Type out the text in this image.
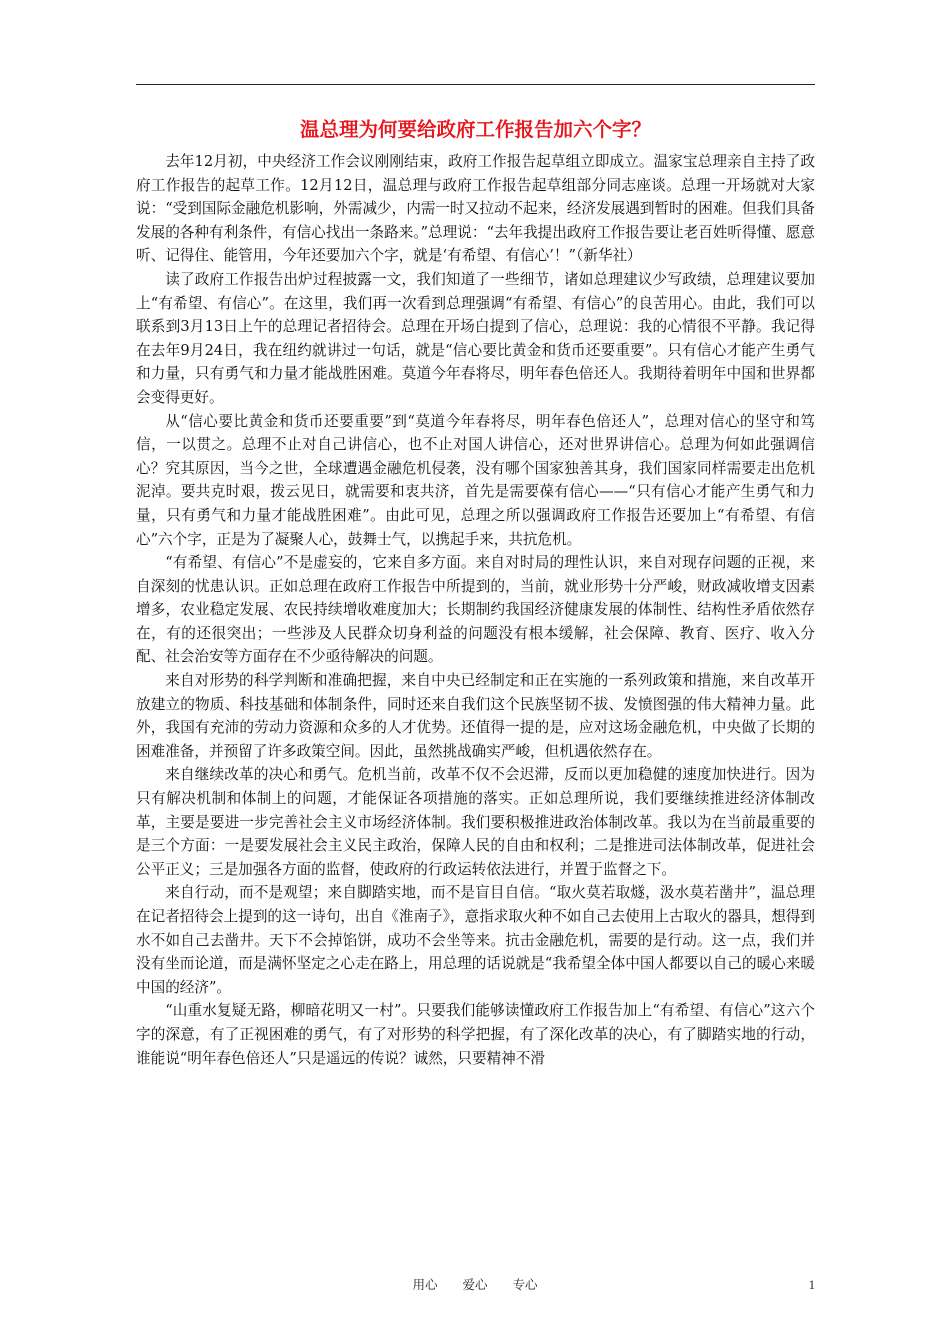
温总理为何要给政府工作报告加六个字？

去年12月初，中央经济工作会议刚刚结束，政府工作报告起草组立即成立。温家宝总理亲自主持了政府工作报告的起草工作。12月12日，温总理与政府工作报告起草组部分同志座谈。总理一开场就对大家说：“受到国际金融危机影响，外需减少，内需一时又拉动不起来，经济发展遇到暂时的困难。但我们具备发展的各种有利条件，有信心找出一条路来。”总理说：“去年我提出政府工作报告要让老百姓听得懂、愿意听、记得住、能管用，今年还要加六个字，就是‘有希望、有信心’！”（新华社）

读了政府工作报告出炉过程披露一文，我们知道了一些细节，诸如总理建议少写政绩，总理建议要加上“有希望、有信心”。在这里，我们再一次看到总理强调“有希望、有信心”的良苦用心。由此，我们可以联系到3月13日上午的总理记者招待会。总理在开场白提到了信心，总理说：我的心情很不平静。我记得在去年9月24日，我在纽约就讲过一句话，就是“信心要比黄金和货币还要重要”。只有信心才能产生勇气和力量，只有勇气和力量才能战胜困难。莫道今年春将尽，明年春色倍还人。我期待着明年中国和世界都会变得更好。

从“信心要比黄金和货币还要重要”到“莫道今年春将尽，明年春色倍还人”，总理对信心的坚守和笃信，一以贯之。总理不止对自己讲信心，也不止对国人讲信心，还对世界讲信心。总理为何如此强调信心？究其原因，当今之世，全球遭遇金融危机侵袭，没有哪个国家独善其身，我们国家同样需要走出危机泥淖。要共克时艰，拨云见日，就需要和衷共济，首先是需要葆有信心——“只有信心才能产生勇气和力量，只有勇气和力量才能战胜困难”。由此可见，总理之所以强调政府工作报告还要加上“有希望、有信心”六个字，正是为了凝聚人心，鼓舞士气，以携起手来，共抗危机。

“有希望、有信心”不是虚妄的，它来自多方面。来自对时局的理性认识，来自对现存问题的正视，来自深刻的忧患认识。正如总理在政府工作报告中所提到的，当前，就业形势十分严峻，财政减收增支因素增多，农业稳定发展、农民持续增收难度加大；长期制约我国经济健康发展的体制性、结构性矛盾依然存在，有的还很突出；一些涉及人民群众切身利益的问题没有根本缓解，社会保障、教育、医疗、收入分配、社会治安等方面存在不少亟待解决的问题。

来自对形势的科学判断和准确把握，来自中央已经制定和正在实施的一系列政策和措施，来自改革开放建立的物质、科技基础和体制条件，同时还来自我们这个民族坚韧不拔、发愤图强的伟大精神力量。此外，我国有充沛的劳动力资源和众多的人才优势。还值得一提的是，应对这场金融危机，中央做了长期的困难准备，并预留了许多政策空间。因此，虽然挑战确实严峻，但机遇依然存在。

来自继续改革的决心和勇气。危机当前，改革不仅不会迟滞，反而以更加稳健的速度加快进行。因为只有解决机制和体制上的问题，才能保证各项措施的落实。正如总理所说，我们要继续推进经济体制改革，主要是要进一步完善社会主义市场经济体制。我们要积极推进政治体制改革。我以为在当前最重要的是三个方面：一是要发展社会主义民主政治，保障人民的自由和权利；二是推进司法体制改革，促进社会公平正义；三是加强各方面的监督，使政府的行政运转依法进行，并置于监督之下。

来自行动，而不是观望；来自脚踏实地，而不是盲目自信。“取火莫若取燧，汲水莫若凿井”，温总理在记者招待会上提到的这一诗句，出自《淮南子》，意指求取火种不如自己去使用上古取火的器具，想得到水不如自己去凿井。天下不会掉馅饼，成功不会坐等来。抗击金融危机，需要的是行动。这一点，我们并没有坐而论道，而是满怀坚定之心走在路上，用总理的话说就是“我希望全体中国人都要以自己的暖心来暖中国的经济”。

“山重水复疑无路，柳暗花明又一村”。只要我们能够读懂政府工作报告加上“有希望、有信心”这六个字的深意，有了正视困难的勇气，有了对形势的科学把握，有了深化改革的决心，有了脚踏实地的行动，谁能说“明年春色倍还人”只是遥远的传说？诚然，只要精神不滑

用心　　爱心　　专心	1
